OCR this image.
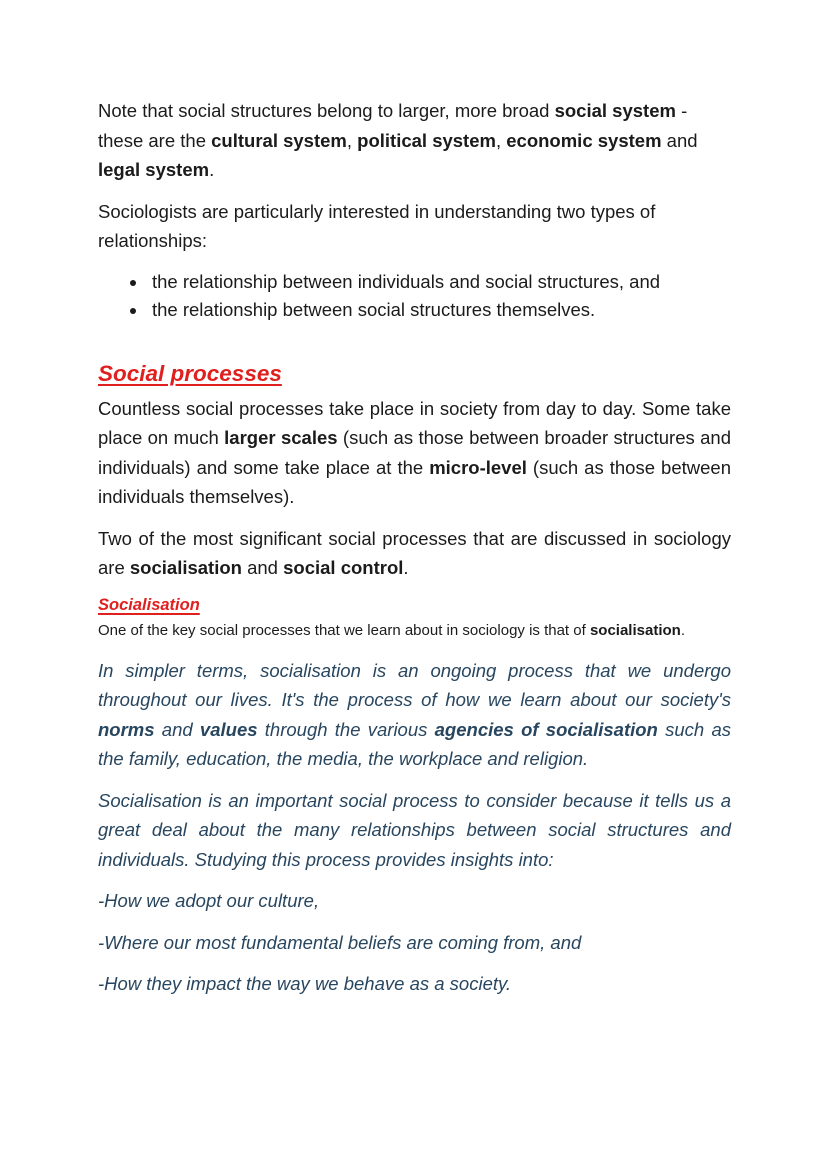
Note that social structures belong to larger, more broad social system - these are the cultural system, political system, economic system and legal system.

Sociologists are particularly interested in understanding two types of relationships:

• the relationship between individuals and social structures, and
• the relationship between social structures themselves.
Social processes

Countless social processes take place in society from day to day. Some take place on much larger scales (such as those between broader structures and individuals) and some take place at the micro-level (such as those between individuals themselves).

Two of the most significant social processes that are discussed in sociology are socialisation and social control.

Socialisation

One of the key social processes that we learn about in sociology is that of socialisation.

In simpler terms, socialisation is an ongoing process that we undergo throughout our lives. It's the process of how we learn about our society's norms and values through the various agencies of socialisation such as the family, education, the media, the workplace and religion.

Socialisation is an important social process to consider because it tells us a great deal about the many relationships between social structures and individuals. Studying this process provides insights into:

-How we adopt our culture,

-Where our most fundamental beliefs are coming from, and

-How they impact the way we behave as a society.
